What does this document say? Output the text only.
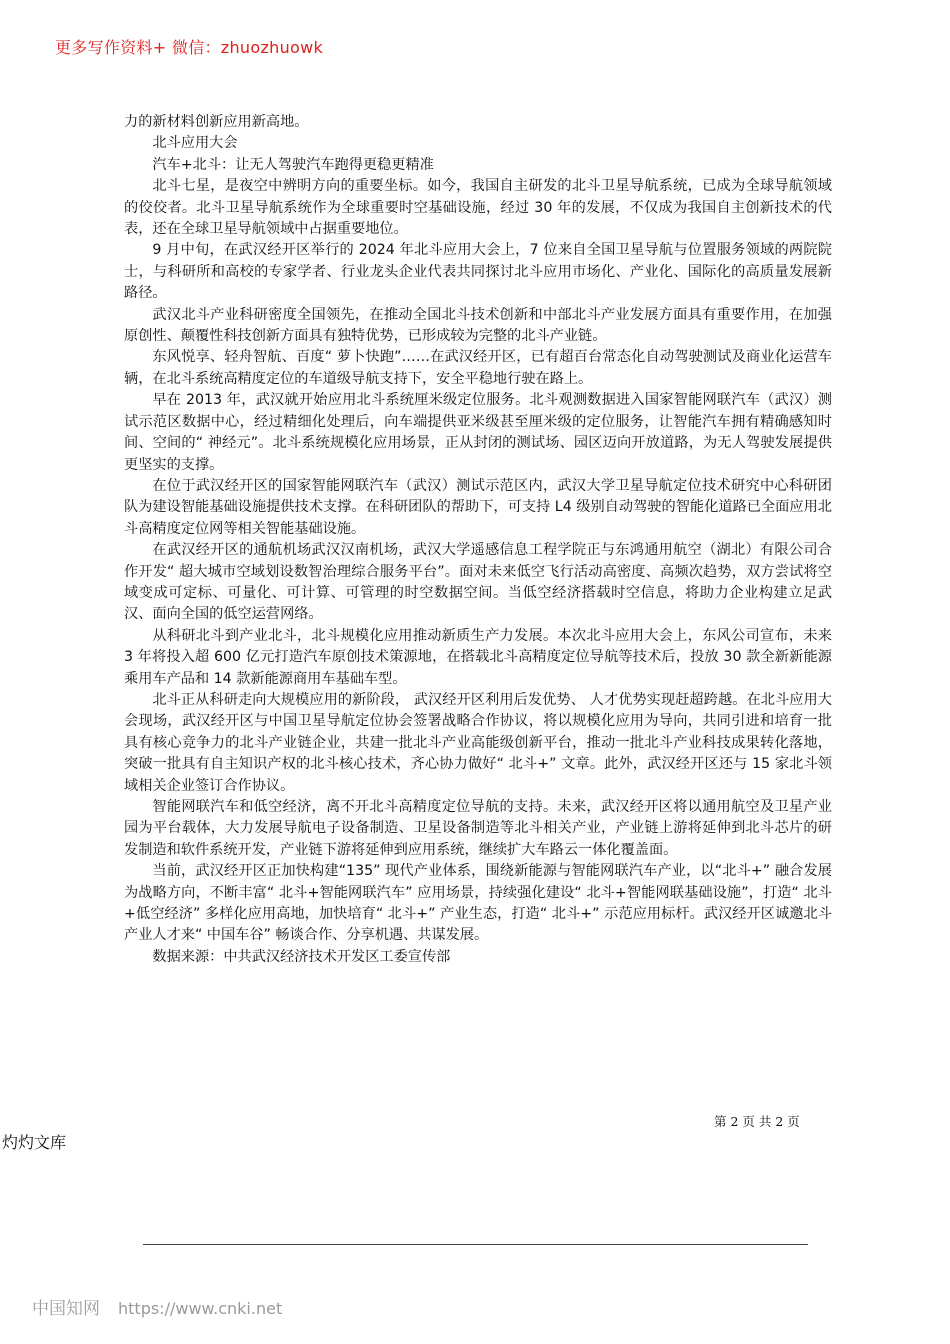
更多写作资料+ 微信：zhuozhuowk

力的新材料创新应用新高地。

北斗应用大会

汽车+北斗：让无人驾驶汽车跑得更稳更精准

北斗七星，是夜空中辨明方向的重要坐标。如今，我国自主研发的北斗卫星导航系统，已成为全球导航领域的佼佼者。北斗卫星导航系统作为全球重要时空基础设施，经过 30 年的发展，不仅成为我国自主创新技术的代表，还在全球卫星导航领域中占据重要地位。

9 月中旬，在武汉经开区举行的 2024 年北斗应用大会上，7 位来自全国卫星导航与位置服务领域的两院院士，与科研所和高校的专家学者、行业龙头企业代表共同探讨北斗应用市场化、产业化、国际化的高质量发展新路径。

武汉北斗产业科研密度全国领先，在推动全国北斗技术创新和中部北斗产业发展方面具有重要作用，在加强原创性、颠覆性科技创新方面具有独特优势，已形成较为完整的北斗产业链。

东风悦享、轻舟智航、百度“ 萝卜快跑”……在武汉经开区，已有超百台常态化自动驾驶测试及商业化运营车辆，在北斗系统高精度定位的车道级导航支持下，安全平稳地行驶在路上。

早在 2013 年，武汉就开始应用北斗系统厘米级定位服务。北斗观测数据进入国家智能网联汽车（武汉）测试示范区数据中心，经过精细化处理后，向车端提供亚米级甚至厘米级的定位服务，让智能汽车拥有精确感知时间、空间的“ 神经元”。北斗系统规模化应用场景，正从封闭的测试场、园区迈向开放道路，为无人驾驶发展提供更坚实的支撑。

在位于武汉经开区的国家智能网联汽车（武汉）测试示范区内，武汉大学卫星导航定位技术研究中心科研团队为建设智能基础设施提供技术支撑。在科研团队的帮助下，可支持 L4 级别自动驾驶的智能化道路已全面应用北斗高精度定位网等相关智能基础设施。

在武汉经开区的通航机场武汉汉南机场，武汉大学遥感信息工程学院正与东鸿通用航空（湖北）有限公司合作开发“ 超大城市空域划设数智治理综合服务平台”。面对未来低空飞行活动高密度、高频次趋势，双方尝试将空域变成可定标、可量化、可计算、可管理的时空数据空间。当低空经济搭载时空信息，将助力企业构建立足武汉、面向全国的低空运营网络。

从科研北斗到产业北斗，北斗规模化应用推动新质生产力发展。本次北斗应用大会上，东风公司宣布，未来 3 年将投入超 600 亿元打造汽车原创技术策源地，在搭载北斗高精度定位导航等技术后，投放 30 款全新新能源乘用车产品和 14 款新能源商用车基础车型。

北斗正从科研走向大规模应用的新阶段， 武汉经开区利用后发优势、 人才优势实现赶超跨越。在北斗应用大会现场，武汉经开区与中国卫星导航定位协会签署战略合作协议，将以规模化应用为导向，共同引进和培育一批具有核心竞争力的北斗产业链企业，共建一批北斗产业高能级创新平台，推动一批北斗产业科技成果转化落地，突破一批具有自主知识产权的北斗核心技术，齐心协力做好“ 北斗+” 文章。此外，武汉经开区还与 15 家北斗领域相关企业签订合作协议。

智能网联汽车和低空经济，离不开北斗高精度定位导航的支持。未来，武汉经开区将以通用航空及卫星产业园为平台载体，大力发展导航电子设备制造、卫星设备制造等北斗相关产业，产业链上游将延伸到北斗芯片的研发制造和软件系统开发，产业链下游将延伸到应用系统，继续扩大车路云一体化覆盖面。

当前，武汉经开区正加快构建“135” 现代产业体系，围绕新能源与智能网联汽车产业，以“北斗+” 融合发展为战略方向，不断丰富“ 北斗+智能网联汽车” 应用场景，持续强化建设“ 北斗+智能网联基础设施”，打造“ 北斗+低空经济” 多样化应用高地，加快培育“ 北斗+” 产业生态，打造“ 北斗+” 示范应用标杆。武汉经开区诚邀北斗产业人才来“ 中国车谷” 畅谈合作、分享机遇、共谋发展。

数据来源：中共武汉经济技术开发区工委宣传部

第 2 页 共 2 页
灼灼文库
中国知网 https://www.cnki.net
